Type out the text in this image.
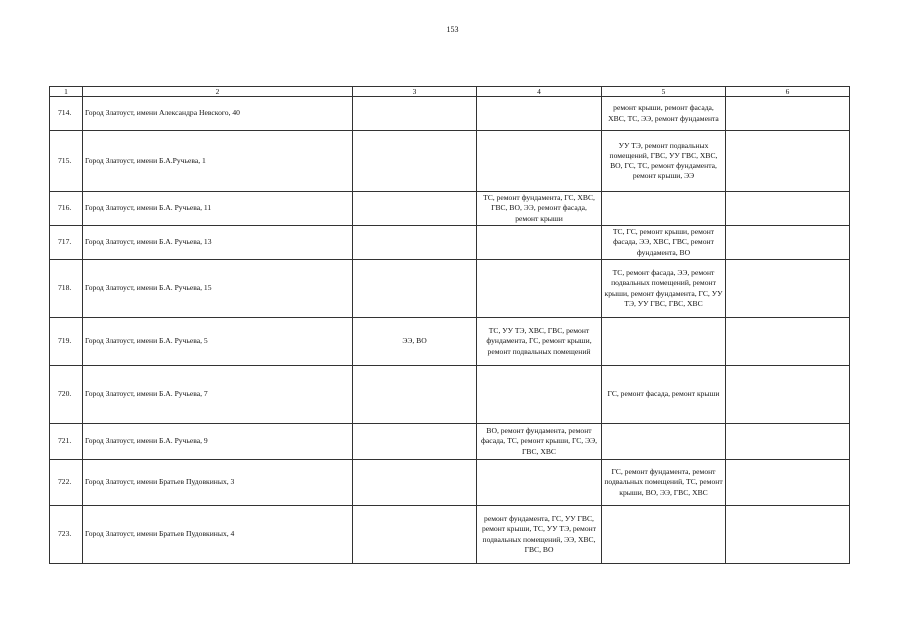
153
1	2	3	4	5	6
714.	Город Златоуст, имени Александра Невского, 40			ремонт крыши, ремонт фасада, ХВС, ТС, ЭЭ, ремонт фундамента	
715.	Город Златоуст, имени Б.А.Ручьева, 1			УУ ТЭ, ремонт подвальных помещений, ГВС, УУ ГВС, ХВС, ВО, ГС, ТС, ремонт фундамента, ремонт крыши, ЭЭ	
716.	Город Златоуст, имени Б.А. Ручьева, 11		ТС, ремонт фундамента, ГС, ХВС, ГВС, ВО, ЭЭ, ремонт фасада, ремонт крыши		
717.	Город Златоуст, имени Б.А. Ручьева, 13			ТС, ГС, ремонт крыши, ремонт фасада, ЭЭ, ХВС, ГВС, ремонт фундамента, ВО	
718.	Город Златоуст, имени Б.А. Ручьева, 15			ТС, ремонт фасада, ЭЭ, ремонт подвальных помещений, ремонт крыши, ремонт фундамента, ГС, УУ ТЭ, УУ ГВС, ГВС, ХВС	
719.	Город Златоуст, имени Б.А. Ручьева, 5	ЭЭ, ВО	ТС, УУ ТЭ, ХВС, ГВС, ремонт фундамента, ГС, ремонт крыши, ремонт подвальных помещений		
720.	Город Златоуст, имени Б.А. Ручьева, 7			ГС, ремонт фасада, ремонт крыши	
721.	Город Златоуст, имени Б.А. Ручьева, 9		ВО, ремонт фундамента, ремонт фасада, ТС, ремонт крыши, ГС, ЭЭ, ГВС, ХВС		
722.	Город Златоуст, имени Братьев Пудовкиных, 3			ГС, ремонт фундамента, ремонт подвальных помещений, ТС, ремонт крыши, ВО, ЭЭ, ГВС, ХВС	
723.	Город Златоуст, имени Братьев Пудовкиных, 4		ремонт фундамента, ГС, УУ ГВС, ремонт крыши, ТС, УУ ТЭ, ремонт подвальных помещений, ЭЭ, ХВС, ГВС, ВО		
